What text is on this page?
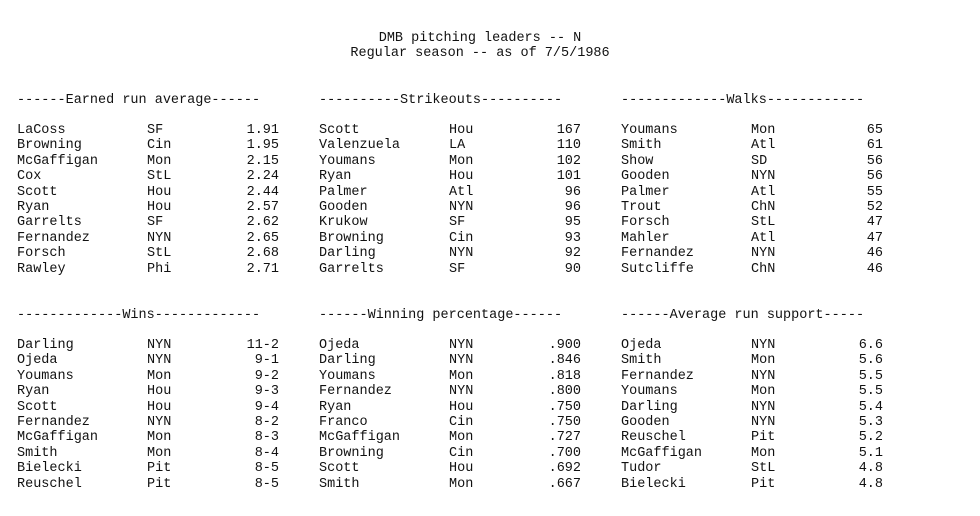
DMB pitching leaders -- N
Regular season -- as of 7/5/1986
------Earned run average------
LaCoss	SF	1.91
Browning	Cin	1.95
McGaffigan	Mon	2.15
Cox	StL	2.24
Scott	Hou	2.44
Ryan	Hou	2.57
Garrelts	SF	2.62
Fernandez	NYN	2.65
Forsch	StL	2.68
Rawley	Phi	2.71
----------Strikeouts----------
Scott	Hou	167
Valenzuela	LA	110
Youmans	Mon	102
Ryan	Hou	101
Palmer	Atl	96
Gooden	NYN	96
Krukow	SF	95
Browning	Cin	93
Darling	NYN	92
Garrelts	SF	90
-------------Walks------------
Youmans	Mon	65
Smith	Atl	61
Show	SD	56
Gooden	NYN	56
Palmer	Atl	55
Trout	ChN	52
Forsch	StL	47
Mahler	Atl	47
Fernandez	NYN	46
Sutcliffe	ChN	46
-------------Wins-------------
Darling	NYN	11-2
Ojeda	NYN	9-1
Youmans	Mon	9-2
Ryan	Hou	9-3
Scott	Hou	9-4
Fernandez	NYN	8-2
McGaffigan	Mon	8-3
Smith	Mon	8-4
Bielecki	Pit	8-5
Reuschel	Pit	8-5
------Winning percentage------
Ojeda	NYN	.900
Darling	NYN	.846
Youmans	Mon	.818
Fernandez	NYN	.800
Ryan	Hou	.750
Franco	Cin	.750
McGaffigan	Mon	.727
Browning	Cin	.700
Scott	Hou	.692
Smith	Mon	.667
------Average run support-----
Ojeda	NYN	6.6
Smith	Mon	5.6
Fernandez	NYN	5.5
Youmans	Mon	5.5
Darling	NYN	5.4
Gooden	NYN	5.3
Reuschel	Pit	5.2
McGaffigan	Mon	5.1
Tudor	StL	4.8
Bielecki	Pit	4.8
